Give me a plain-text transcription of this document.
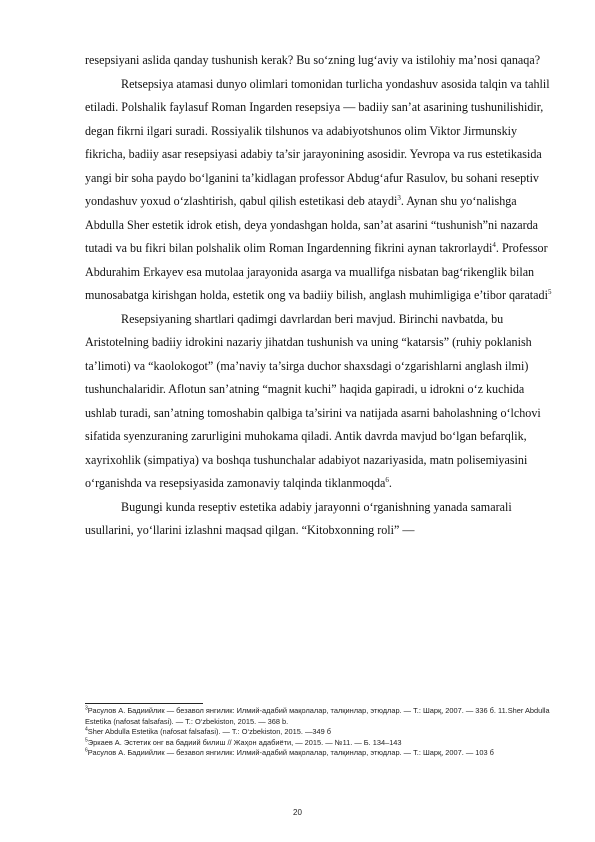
resepsiyani aslida qanday tushunish kerak? Bu so‘zning lug‘aviy va istilohiy ma’nosi qanaqa?

Retsepsiya atamasi dunyo olimlari tomonidan turlicha yondashuv asosida talqin va tahlil etiladi. Polshalik faylasuf Roman Ingarden resepsiya — badiiy san’at asarining tushunilishidir, degan fikrni ilgari suradi. Rossiyalik tilshunos va adabiyotshunos olim Viktor Jirmunskiy fikricha, badiiy asar resepsiyasi adabiy ta’sir jarayonining asosidir. Yevropa va rus estetikasida yangi bir soha paydo bo‘lganini ta’kidlagan professor Abdug‘afur Rasulov, bu sohani reseptiv yondashuv yoxud o‘zlashtirish, qabul qilish estetikasi deb ataydi$^3$. Aynan shu yo‘nalishga Abdulla Sher estetik idrok etish, deya yondashgan holda, san’at asarini “tushunish”ni nazarda tutadi va bu fikri bilan polshalik olim Roman Ingardenning fikrini aynan takrorlaydi$^4$. Professor Abdurahim Erkayev esa mutolaa jarayonida asarga va muallifga nisbatan bag‘rikenglik bilan munosabatga kirishgan holda, estetik ong va badiiy bilish, anglash muhimligiga e’tibor qaratadi$^5$

Resepsiyaning shartlari qadimgi davrlardan beri mavjud. Birinchi navbatda, bu Aristotelning badiiy idrokini nazariy jihatdan tushunish va uning “katarsis” (ruhiy poklanish ta’limoti) va “kaolokogot” (ma’naviy ta’sirga duchor shaxsdagi o‘zgarishlarni anglash ilmi) tushunchalaridir. Aflotun san’atning “magnit kuchi” haqida gapiradi, u idrokni o‘z kuchida ushlab turadi, san’atning tomoshabin qalbiga ta’sirini va natijada asarni baholashning o‘lchovi sifatida syenzuraning zarurligini muhokama qiladi. Antik davrda mavjud bo‘lgan befarqlik, xayrixohlik (simpatiya) va boshqa tushunchalar adabiyot nazariyasida, matn polisemiyasini o‘rganishda va resepsiyasida zamonaviy talqinda tiklanmoqda$^6$.

Bugungi kunda reseptiv estetika adabiy jarayonni o‘rganishning yanada samarali usullarini, yo‘llarini izlashni maqsad qilgan. “Kitobxonning roli” —

$^3$Расулов А. Бадиийлик — безавол янгилик: Илмий-адабий мақолалар, талқинлар, этюдлар. — Т.: Шарқ, 2007. — 336 б. 11.Sher Abdulla Estetika (nafosat falsafasi). — T.: O‘zbekiston, 2015. — 368 b.

$^4$Sher Abdulla Estetika (nafosat falsafasi). — T.: O‘zbekiston, 2015. —349 б

$^5$Эркаев А. Эстетик онг ва бадиий билиш // Жаҳон адабиёти, — 2015. — №11. — Б. 134–143

$^6$Расулов А. Бадиийлик — безавол янгилик: Илмий-адабий мақолалар, талқинлар, этюдлар. — Т.: Шарқ, 2007. — 103 б

20
